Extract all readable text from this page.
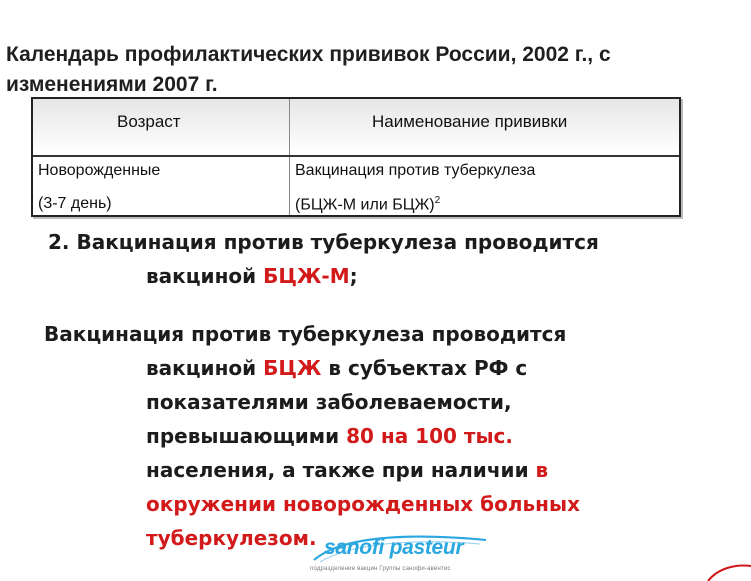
Календарь профилактических прививок России, 2002 г., с
изменениями 2007 г.
Возраст	Наименование прививки
Новорожденные
(3-7 день)
Вакцинация против туберкулеза
(БЦЖ-М или БЦЖ)$^2$
2. Вакцинация против туберкулеза проводится
вакциной БЦЖ-М;
Вакцинация против туберкулеза проводится
вакциной БЦЖ в субъектах РФ с
показателями заболеваемости,
превышающими 80 на 100 тыс.
населения, а также при наличии в
окружении новорожденных больных
туберкулезом. sanofi pasteur
подразделение вакцин Группы санофи-авентис
